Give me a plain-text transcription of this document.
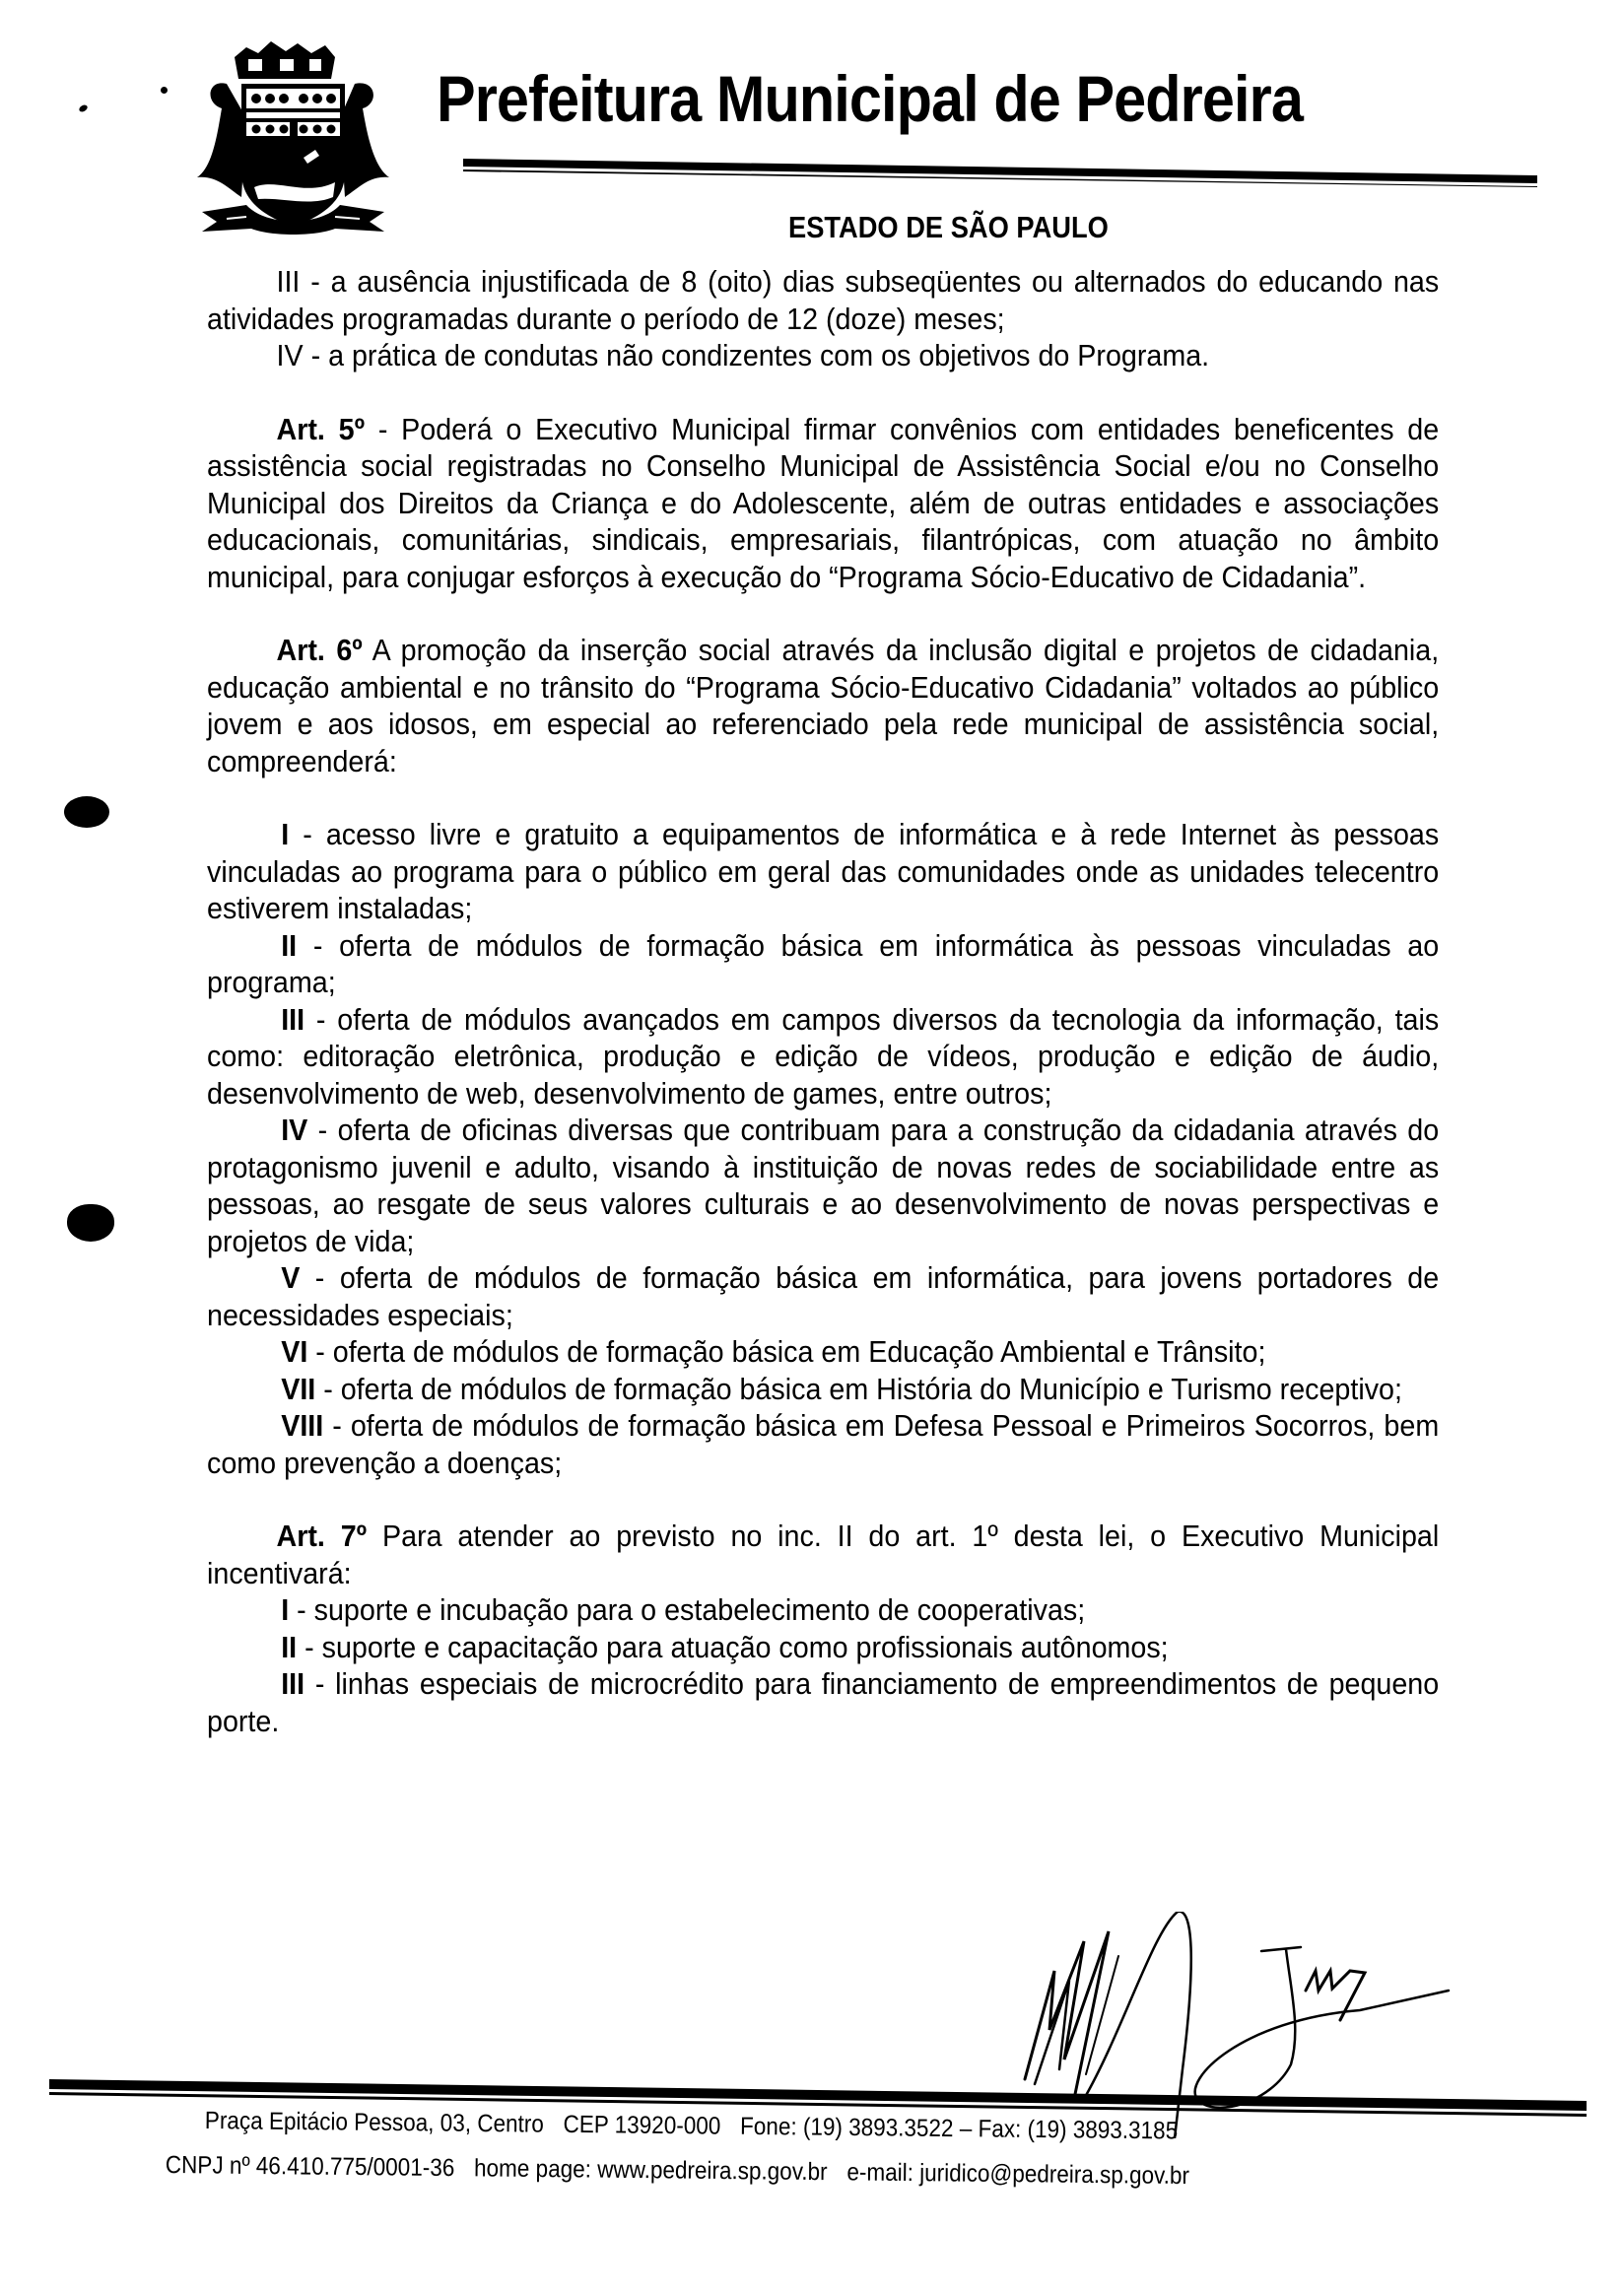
Prefeitura Municipal de Pedreira
ESTADO DE SÃO PAULO

III - a ausência injustificada de 8 (oito) dias subseqüentes ou alternados do educando nas atividades programadas durante o período de 12 (doze) meses;

IV - a prática de condutas não condizentes com os objetivos do Programa.

Art. 5º - Poderá o Executivo Municipal firmar convênios com entidades beneficentes de assistência social registradas no Conselho Municipal de Assistência Social e/ou no Conselho Municipal dos Direitos da Criança e do Adolescente, além de outras entidades e associações educacionais, comunitárias, sindicais, empresariais, filantrópicas, com atuação no âmbito municipal, para conjugar esforços à execução do “Programa Sócio-Educativo de Cidadania”.

Art. 6º A promoção da inserção social através da inclusão digital e projetos de cidadania, educação ambiental e no trânsito do “Programa Sócio-Educativo Cidadania” voltados ao público jovem e aos idosos, em especial ao referenciado pela rede municipal de assistência social, compreenderá:

I - acesso livre e gratuito a equipamentos de informática e à rede Internet às pessoas vinculadas ao programa para o público em geral das comunidades onde as unidades telecentro estiverem instaladas;

II - oferta de módulos de formação básica em informática às pessoas vinculadas ao programa;

III - oferta de módulos avançados em campos diversos da tecnologia da informação, tais como: editoração eletrônica, produção e edição de vídeos, produção e edição de áudio, desenvolvimento de web, desenvolvimento de games, entre outros;

IV - oferta de oficinas diversas que contribuam para a construção da cidadania através do protagonismo juvenil e adulto, visando à instituição de novas redes de sociabilidade entre as pessoas, ao resgate de seus valores culturais e ao desenvolvimento de novas perspectivas e projetos de vida;

V - oferta de módulos de formação básica em informática, para jovens portadores de necessidades especiais;

VI - oferta de módulos de formação básica em Educação Ambiental e Trânsito;

VII - oferta de módulos de formação básica em História do Município e Turismo receptivo;

VIII - oferta de módulos de formação básica em Defesa Pessoal e Primeiros Socorros, bem como prevenção a doenças;

Art. 7º Para atender ao previsto no inc. II do art. 1º desta lei, o Executivo Municipal incentivará:

I - suporte e incubação para o estabelecimento de cooperativas;

II - suporte e capacitação para atuação como profissionais autônomos;

III - linhas especiais de microcrédito para financiamento de empreendimentos de pequeno porte.

Praça Epitácio Pessoa, 03, Centro CEP 13920-000 Fone: (19) 3893.3522 – Fax: (19) 3893.3185
CNPJ nº 46.410.775/0001-36 home page: www.pedreira.sp.gov.br e-mail: juridico@pedreira.sp.gov.br
